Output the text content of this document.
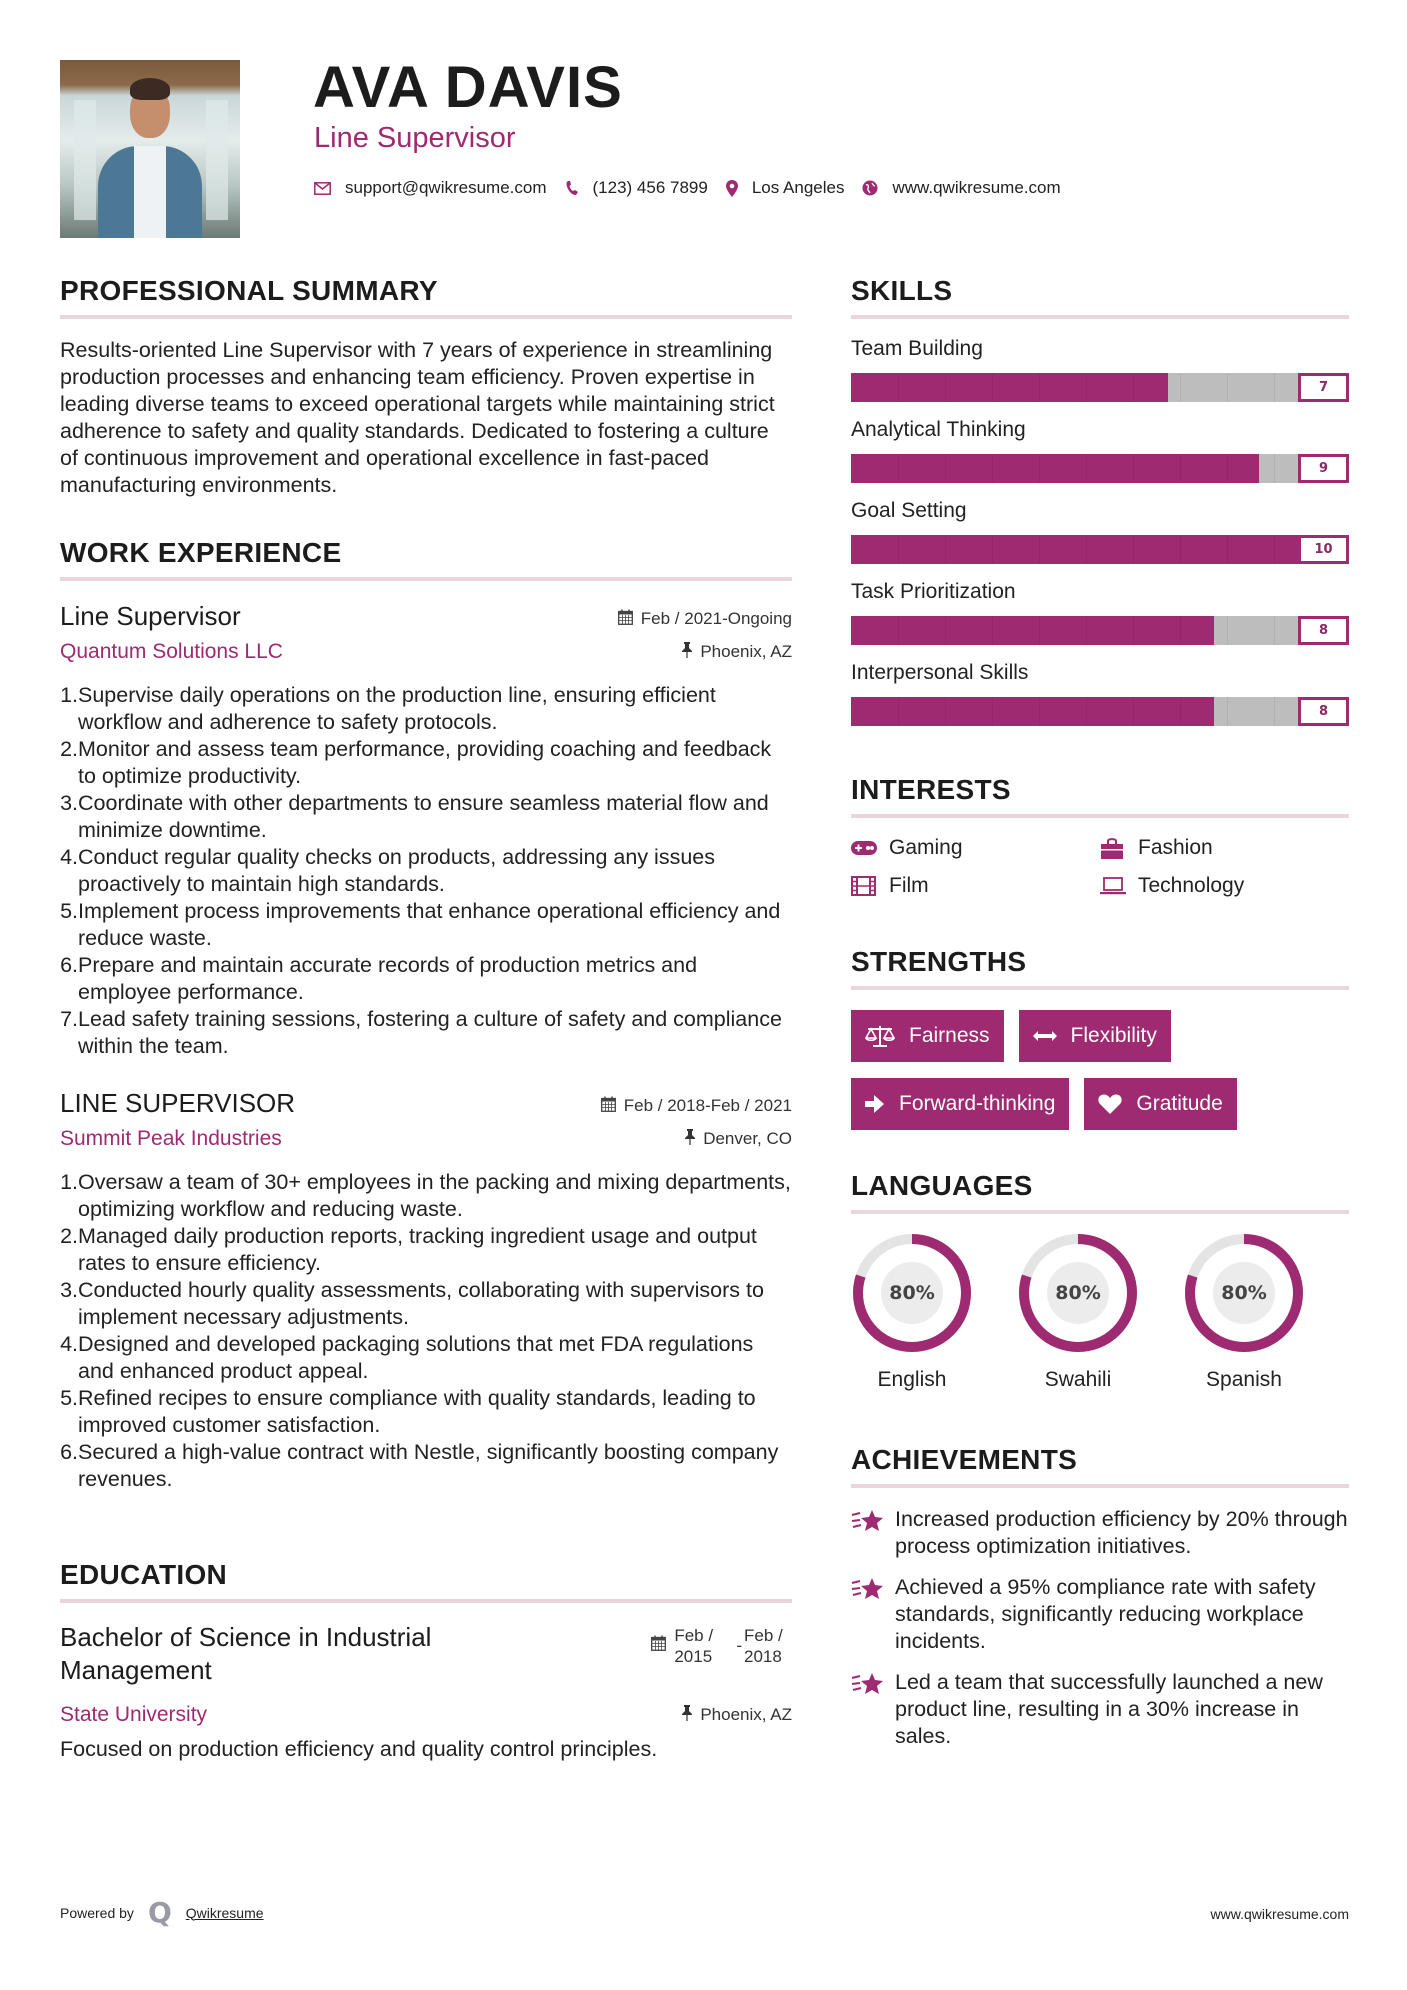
AVA DAVIS
Line Supervisor
support@qwikresume.com	(123) 456 7899	Los Angeles	www.qwikresume.com
PROFESSIONAL SUMMARY

Results-oriented Line Supervisor with 7 years of experience in streamlining production processes and enhancing team efficiency. Proven expertise in leading diverse teams to exceed operational targets while maintaining strict adherence to safety and quality standards. Dedicated to fostering a culture of continuous improvement and operational excellence in fast-paced manufacturing environments.

WORK EXPERIENCE
Line Supervisor	Feb / 2021-Ongoing
Quantum Solutions LLC	Phoenix, AZ
1. Supervise daily operations on the production line, ensuring efficient workflow and adherence to safety protocols.
2. Monitor and assess team performance, providing coaching and feedback to optimize productivity.
3. Coordinate with other departments to ensure seamless material flow and minimize downtime.
4. Conduct regular quality checks on products, addressing any issues proactively to maintain high standards.
5. Implement process improvements that enhance operational efficiency and reduce waste.
6. Prepare and maintain accurate records of production metrics and employee performance.
7. Lead safety training sessions, fostering a culture of safety and compliance within the team.
LINE SUPERVISOR	Feb / 2018-Feb / 2021
Summit Peak Industries	Denver, CO
1. Oversaw a team of 30+ employees in the packing and mixing departments, optimizing workflow and reducing waste.
2. Managed daily production reports, tracking ingredient usage and output rates to ensure efficiency.
3. Conducted hourly quality assessments, collaborating with supervisors to implement necessary adjustments.
4. Designed and developed packaging solutions that met FDA regulations and enhanced product appeal.
5. Refined recipes to ensure compliance with quality standards, leading to improved customer satisfaction.
6. Secured a high-value contract with Nestle, significantly boosting company revenues.
EDUCATION
Bachelor of Science in Industrial Management
Feb / 2015
-
Feb / 2018
State University	Phoenix, AZ
Focused on production efficiency and quality control principles.
SKILLS
Team Building
7
Analytical Thinking
9
Goal Setting
10
Task Prioritization
8
Interpersonal Skills
8
INTERESTS
Gaming	Fashion
Film	Technology
STRENGTHS
Fairness	Flexibility
Forward-thinking	Gratitude
LANGUAGES
80%
English
80%
Swahili
80%
Spanish
ACHIEVEMENTS
Increased production efficiency by 20% through process optimization initiatives.
Achieved a 95% compliance rate with safety standards, significantly reducing workplace incidents.
Led a team that successfully launched a new product line, resulting in a 30% increase in sales.
Powered by Q Qwikresume	www.qwikresume.com
